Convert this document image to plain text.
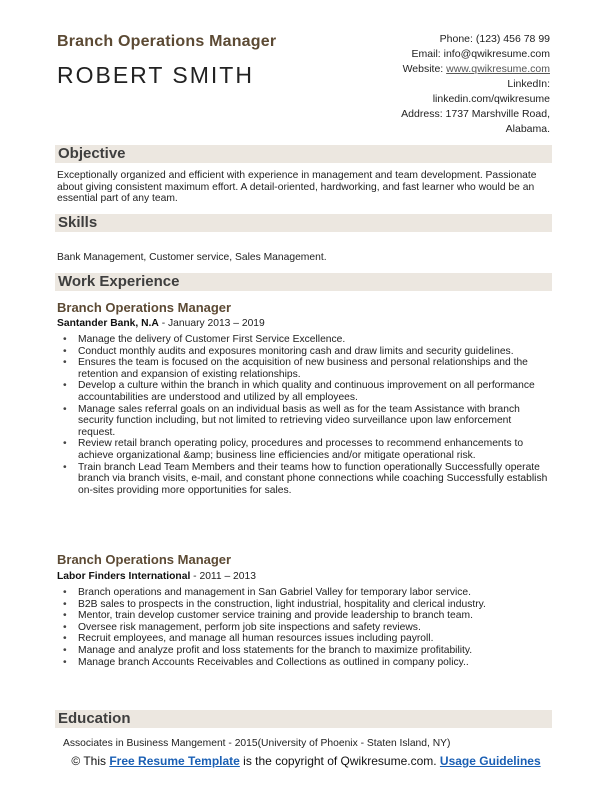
Branch Operations Manager
ROBERT SMITH
Phone: (123) 456 78 99
Email: info@qwikresume.com
Website: www.qwikresume.com
LinkedIn:
linkedin.com/qwikresume
Address: 1737 Marshville Road,
Alabama.
Objective
Exceptionally organized and efficient with experience in management and team development. Passionate about giving consistent maximum effort. A detail-oriented, hardworking, and fast learner who would be an essential part of any team.
Skills
Bank Management, Customer service, Sales Management.
Work Experience
Branch Operations Manager
Santander Bank, N.A - January 2013 – 2019
• Manage the delivery of Customer First Service Excellence.
• Conduct monthly audits and exposures monitoring cash and draw limits and security guidelines.
• Ensures the team is focused on the acquisition of new business and personal relationships and the retention and expansion of existing relationships.
• Develop a culture within the branch in which quality and continuous improvement on all performance accountabilities are understood and utilized by all employees.
• Manage sales referral goals on an individual basis as well as for the team Assistance with branch security function including, but not limited to retrieving video surveillance upon law enforcement request.
• Review retail branch operating policy, procedures and processes to recommend enhancements to achieve organizational &amp; business line efficiencies and/or mitigate operational risk.
• Train branch Lead Team Members and their teams how to function operationally Successfully operate branch via branch visits, e-mail, and constant phone connections while coaching Successfully establish on-sites providing more opportunities for sales.
Branch Operations Manager
Labor Finders International - 2011 – 2013
• Branch operations and management in San Gabriel Valley for temporary labor service.
• B2B sales to prospects in the construction, light industrial, hospitality and clerical industry.
• Mentor, train develop customer service training and provide leadership to branch team.
• Oversee risk management, perform job site inspections and safety reviews.
• Recruit employees, and manage all human resources issues including payroll.
• Manage and analyze profit and loss statements for the branch to maximize profitability.
• Manage branch Accounts Receivables and Collections as outlined in company policy..
Education
Associates in Business Mangement - 2015(University of Phoenix - Staten Island, NY)
© This Free Resume Template is the copyright of Qwikresume.com. Usage Guidelines
